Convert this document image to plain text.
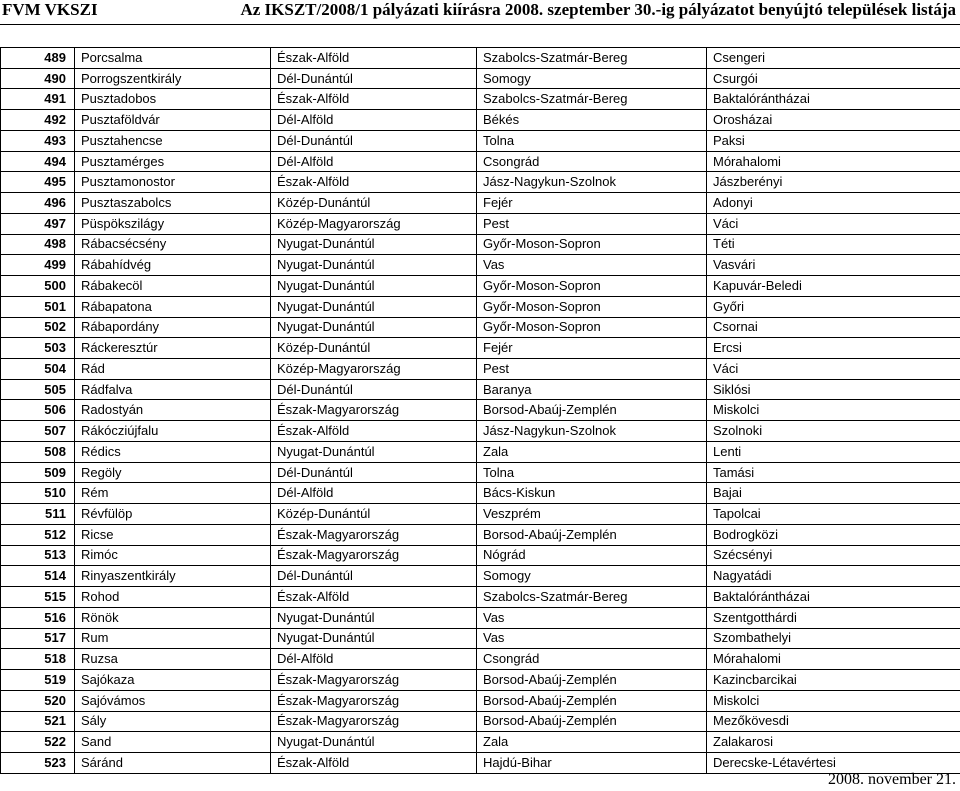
FVM VKSZI	Az IKSZT/2008/1 pályázati kiírásra 2008. szeptember 30.-ig pályázatot benyújtó települések listája
489	Porcsalma	Észak-Alföld	Szabolcs-Szatmár-Bereg	Csengeri
490	Porrogszentkirály	Dél-Dunántúl	Somogy	Csurgói
491	Pusztadobos	Észak-Alföld	Szabolcs-Szatmár-Bereg	Baktalórántházai
492	Pusztaföldvár	Dél-Alföld	Békés	Orosházai
493	Pusztahencse	Dél-Dunántúl	Tolna	Paksi
494	Pusztamérges	Dél-Alföld	Csongrád	Mórahalomi
495	Pusztamonostor	Észak-Alföld	Jász-Nagykun-Szolnok	Jászberényi
496	Pusztaszabolcs	Közép-Dunántúl	Fejér	Adonyi
497	Püspökszilágy	Közép-Magyarország	Pest	Váci
498	Rábacsécsény	Nyugat-Dunántúl	Győr-Moson-Sopron	Téti
499	Rábahídvég	Nyugat-Dunántúl	Vas	Vasvári
500	Rábakecöl	Nyugat-Dunántúl	Győr-Moson-Sopron	Kapuvár-Beledi
501	Rábapatona	Nyugat-Dunántúl	Győr-Moson-Sopron	Győri
502	Rábapordány	Nyugat-Dunántúl	Győr-Moson-Sopron	Csornai
503	Ráckeresztúr	Közép-Dunántúl	Fejér	Ercsi
504	Rád	Közép-Magyarország	Pest	Váci
505	Rádfalva	Dél-Dunántúl	Baranya	Siklósi
506	Radostyán	Észak-Magyarország	Borsod-Abaúj-Zemplén	Miskolci
507	Rákócziújfalu	Észak-Alföld	Jász-Nagykun-Szolnok	Szolnoki
508	Rédics	Nyugat-Dunántúl	Zala	Lenti
509	Regöly	Dél-Dunántúl	Tolna	Tamási
510	Rém	Dél-Alföld	Bács-Kiskun	Bajai
511	Révfülöp	Közép-Dunántúl	Veszprém	Tapolcai
512	Ricse	Észak-Magyarország	Borsod-Abaúj-Zemplén	Bodrogközi
513	Rimóc	Észak-Magyarország	Nógrád	Szécsényi
514	Rinyaszentkirály	Dél-Dunántúl	Somogy	Nagyatádi
515	Rohod	Észak-Alföld	Szabolcs-Szatmár-Bereg	Baktalórántházai
516	Rönök	Nyugat-Dunántúl	Vas	Szentgotthárdi
517	Rum	Nyugat-Dunántúl	Vas	Szombathelyi
518	Ruzsa	Dél-Alföld	Csongrád	Mórahalomi
519	Sajókaza	Észak-Magyarország	Borsod-Abaúj-Zemplén	Kazincbarcikai
520	Sajóvámos	Észak-Magyarország	Borsod-Abaúj-Zemplén	Miskolci
521	Sály	Észak-Magyarország	Borsod-Abaúj-Zemplén	Mezőkövesdi
522	Sand	Nyugat-Dunántúl	Zala	Zalakarosi
523	Sáránd	Észak-Alföld	Hajdú-Bihar	Derecske-Létavértesi
2008. november 21.
